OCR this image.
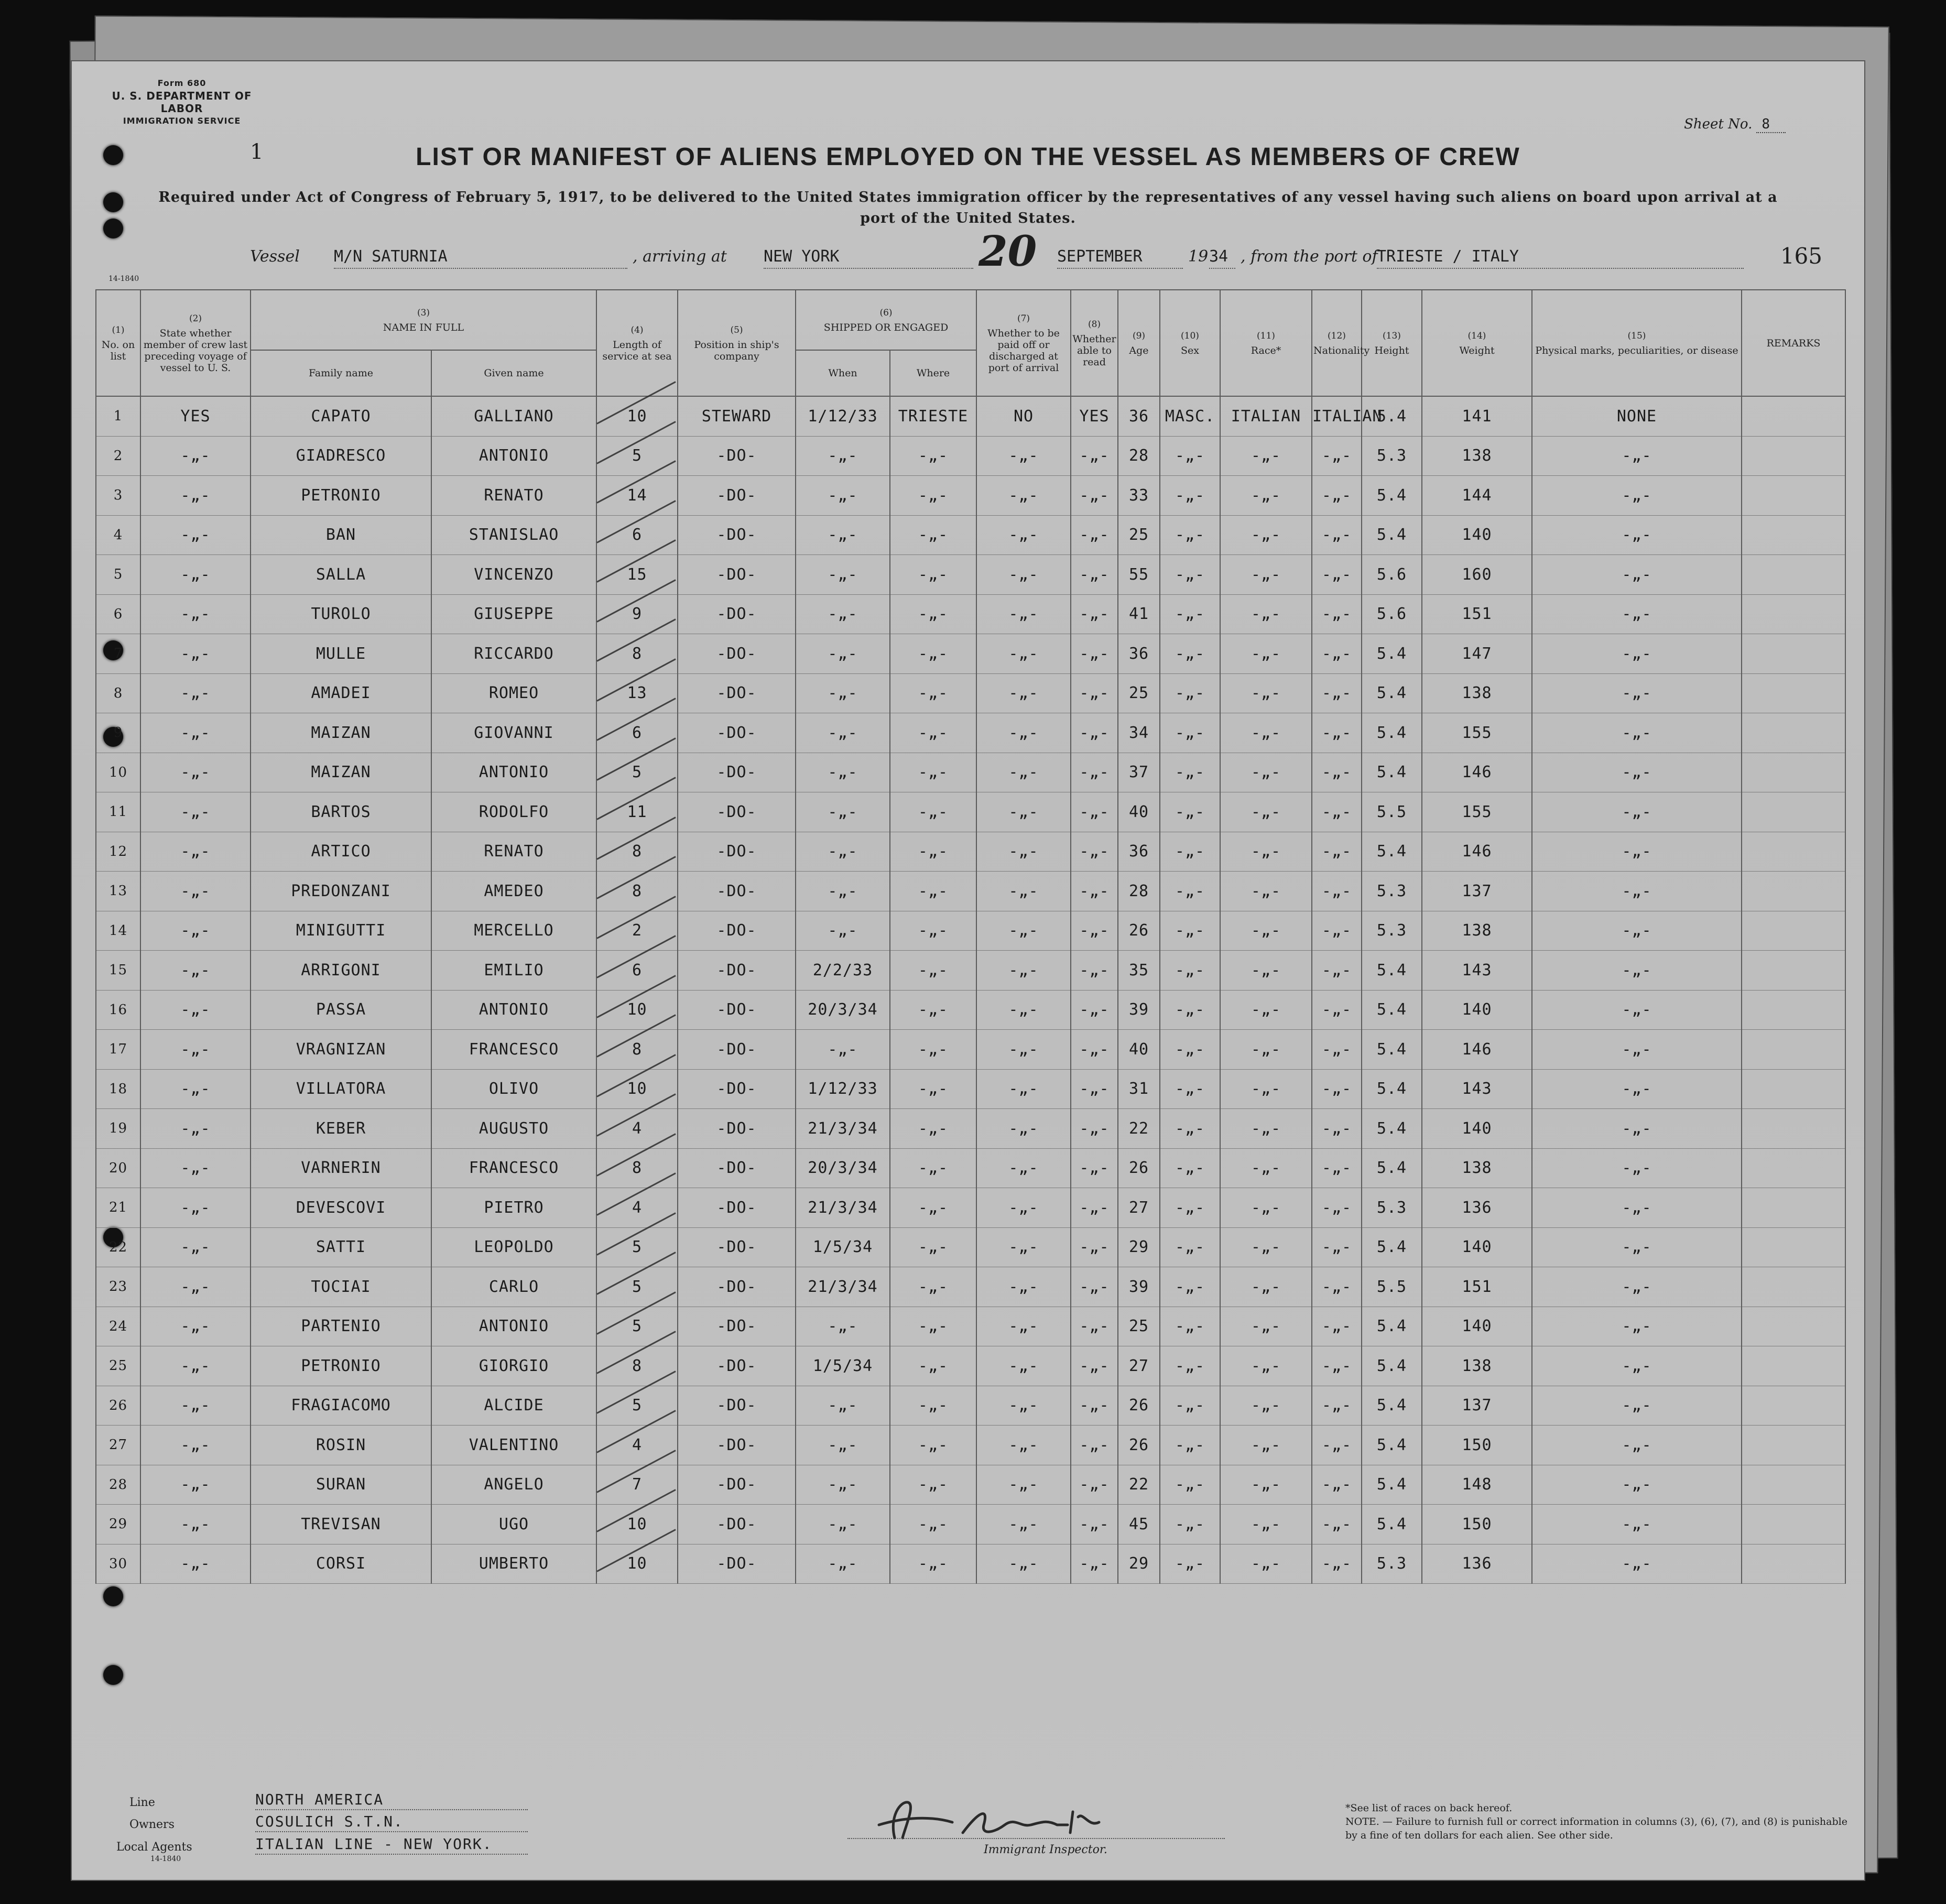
Form 680
U. S. DEPARTMENT OF LABOR
IMMIGRATION SERVICE
1
Sheet No. 8
LIST OR MANIFEST OF ALIENS EMPLOYED ON THE VESSEL AS MEMBERS OF CREW
Required under Act of Congress of February 5, 1917, to be delivered to the United States immigration officer by the representatives of any vessel having such aliens on board upon arrival at a port of the United States.
Vessel M/N SATURNIA	, arriving at NEW YORK	20 SEPTEMBER	19 34 , from the port of
TRIESTE / ITALY	165
14-1840
(1)
No. on list	(2)
State whether member of crew last preceding voyage of vessel to U. S.	(3)
NAME IN FULL		(4)
Length of service at sea	(5)
Position in ship's company	(6)
SHIPPED OR ENGAGED		(7)
Whether to be paid off or discharged at port of arrival	(8)
Whether able to read	(9)
Age	(10)
Sex	(11)
Race*	(12)
Nationality	(13)
Height	(14)
Weight	(15)
Physical marks, peculiarities, or disease	REMARKS
		Family name	Given name			When	Where										
1	YES	CAPATO	GALLIANO	10	STEWARD	1/12/33	TRIESTE	NO	YES	36	MASC.	ITALIAN	ITALIAN	5.4	141	NONE	
2	-„-	GIADRESCO	ANTONIO	5	-DO-	-„-	-„-	-„-	-„-	28	-„-	-„-	-„-	5.3	138	-„-	
3	-„-	PETRONIO	RENATO	14	-DO-	-„-	-„-	-„-	-„-	33	-„-	-„-	-„-	5.4	144	-„-	
4	-„-	BAN	STANISLAO	6	-DO-	-„-	-„-	-„-	-„-	25	-„-	-„-	-„-	5.4	140	-„-	
5	-„-	SALLA	VINCENZO	15	-DO-	-„-	-„-	-„-	-„-	55	-„-	-„-	-„-	5.6	160	-„-	
6	-„-	TUROLO	GIUSEPPE	9	-DO-	-„-	-„-	-„-	-„-	41	-„-	-„-	-„-	5.6	151	-„-	
7	-„-	MULLE	RICCARDO	8	-DO-	-„-	-„-	-„-	-„-	36	-„-	-„-	-„-	5.4	147	-„-	
8	-„-	AMADEI	ROMEO	13	-DO-	-„-	-„-	-„-	-„-	25	-„-	-„-	-„-	5.4	138	-„-	
9	-„-	MAIZAN	GIOVANNI	6	-DO-	-„-	-„-	-„-	-„-	34	-„-	-„-	-„-	5.4	155	-„-	
10	-„-	MAIZAN	ANTONIO	5	-DO-	-„-	-„-	-„-	-„-	37	-„-	-„-	-„-	5.4	146	-„-	
11	-„-	BARTOS	RODOLFO	11	-DO-	-„-	-„-	-„-	-„-	40	-„-	-„-	-„-	5.5	155	-„-	
12	-„-	ARTICO	RENATO	8	-DO-	-„-	-„-	-„-	-„-	36	-„-	-„-	-„-	5.4	146	-„-	
13	-„-	PREDONZANI	AMEDEO	8	-DO-	-„-	-„-	-„-	-„-	28	-„-	-„-	-„-	5.3	137	-„-	
14	-„-	MINIGUTTI	MERCELLO	2	-DO-	-„-	-„-	-„-	-„-	26	-„-	-„-	-„-	5.3	138	-„-	
15	-„-	ARRIGONI	EMILIO	6	-DO-	2/2/33	-„-	-„-	-„-	35	-„-	-„-	-„-	5.4	143	-„-	
16	-„-	PASSA	ANTONIO	10	-DO-	20/3/34	-„-	-„-	-„-	39	-„-	-„-	-„-	5.4	140	-„-	
17	-„-	VRAGNIZAN	FRANCESCO	8	-DO-	-„-	-„-	-„-	-„-	40	-„-	-„-	-„-	5.4	146	-„-	
18	-„-	VILLATORA	OLIVO	10	-DO-	1/12/33	-„-	-„-	-„-	31	-„-	-„-	-„-	5.4	143	-„-	
19	-„-	KEBER	AUGUSTO	4	-DO-	21/3/34	-„-	-„-	-„-	22	-„-	-„-	-„-	5.4	140	-„-	
20	-„-	VARNERIN	FRANCESCO	8	-DO-	20/3/34	-„-	-„-	-„-	26	-„-	-„-	-„-	5.4	138	-„-	
21	-„-	DEVESCOVI	PIETRO	4	-DO-	21/3/34	-„-	-„-	-„-	27	-„-	-„-	-„-	5.3	136	-„-	
22	-„-	SATTI	LEOPOLDO	5	-DO-	1/5/34	-„-	-„-	-„-	29	-„-	-„-	-„-	5.4	140	-„-	
23	-„-	TOCIAI	CARLO	5	-DO-	21/3/34	-„-	-„-	-„-	39	-„-	-„-	-„-	5.5	151	-„-	
24	-„-	PARTENIO	ANTONIO	5	-DO-	-„-	-„-	-„-	-„-	25	-„-	-„-	-„-	5.4	140	-„-	
25	-„-	PETRONIO	GIORGIO	8	-DO-	1/5/34	-„-	-„-	-„-	27	-„-	-„-	-„-	5.4	138	-„-	
26	-„-	FRAGIACOMO	ALCIDE	5	-DO-	-„-	-„-	-„-	-„-	26	-„-	-„-	-„-	5.4	137	-„-	
27	-„-	ROSIN	VALENTINO	4	-DO-	-„-	-„-	-„-	-„-	26	-„-	-„-	-„-	5.4	150	-„-	
28	-„-	SURAN	ANGELO	7	-DO-	-„-	-„-	-„-	-„-	22	-„-	-„-	-„-	5.4	148	-„-	
29	-„-	TREVISAN	UGO	10	-DO-	-„-	-„-	-„-	-„-	45	-„-	-„-	-„-	5.4	150	-„-	
30	-„-	CORSI	UMBERTO	10	-DO-	-„-	-„-	-„-	-„-	29	-„-	-„-	-„-	5.3	136	-„-	
Line	NORTH AMERICA
Owners	COSULICH S.T.N.
Local Agents	ITALIAN LINE - NEW YORK.
14-1840
Immigrant Inspector.
*See list of races on back hereof.
NOTE. — Failure to furnish full or correct information in columns (3), (6), (7), and (8) is punishable by a fine of ten dollars for each alien. See other side.
